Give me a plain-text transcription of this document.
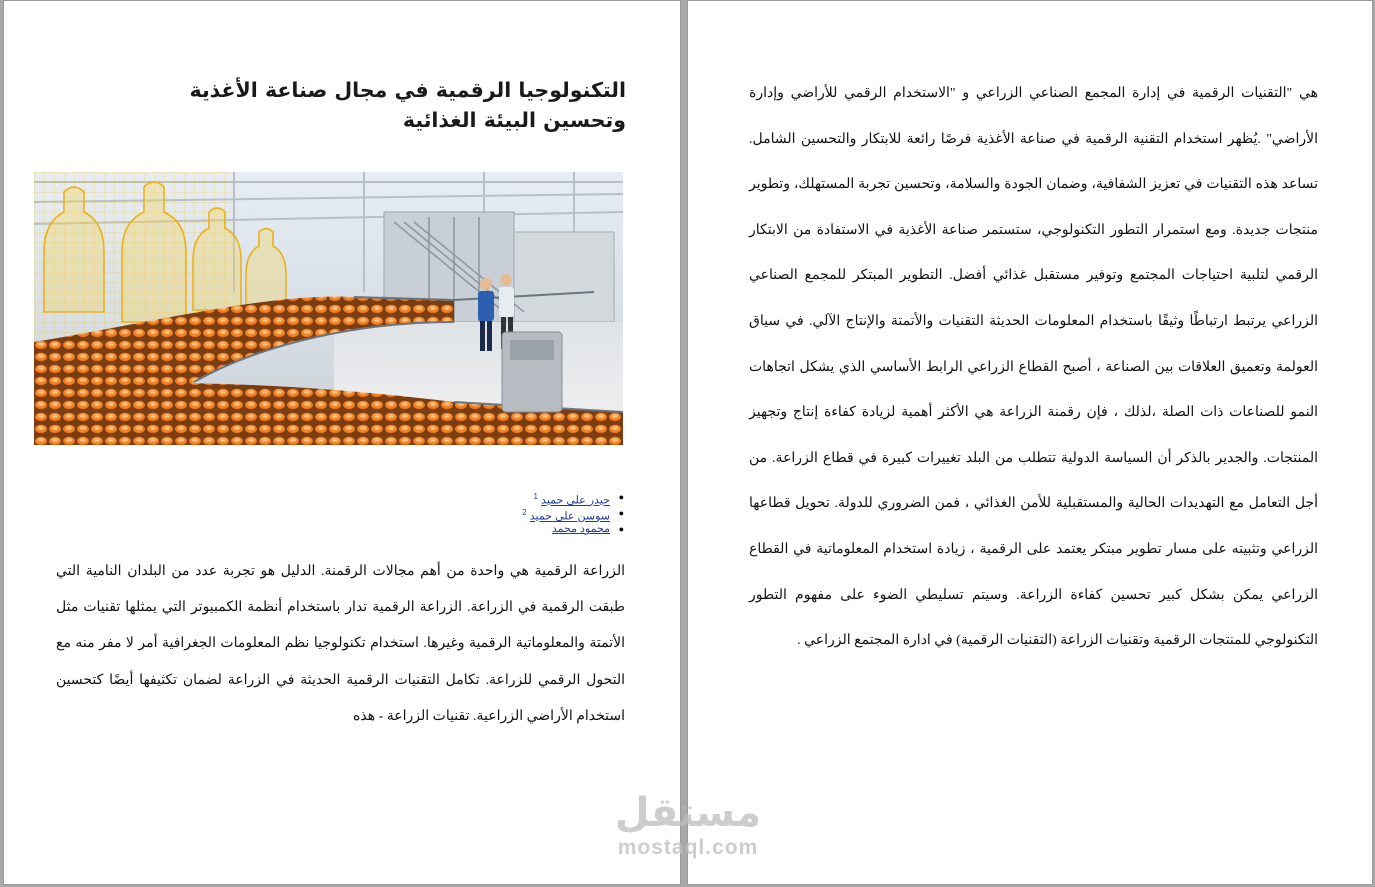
التكنولوجيا الرقمية في مجال صناعة الأغذية وتحسين البيئة الغذائية
●
حيدر علي حميد $^1$
●
سوسن علي حميد $^2$
●
محمود محمد

الزراعة الرقمية هي واحدة من أهم مجالات الرقمنة. الدليل هو تجربة عدد من البلدان النامية التي طبقت الرقمية في الزراعة. الزراعة الرقمية تدار باستخدام أنظمة الكمبيوتر التي يمثلها تقنيات مثل الأتمتة والمعلوماتية الرقمية وغيرها. استخدام تكنولوجيا نظم المعلومات الجغرافية أمر لا مفر منه مع التحول الرقمي للزراعة. تكامل التقنيات الرقمية الحديثة في الزراعة لضمان تكثيفها أيضًا كتحسين استخدام الأراضي الزراعية. تقنيات الزراعة - هذه

هي "التقنيات الرقمية في إدارة المجمع الصناعي الزراعي و "الاستخدام الرقمي للأراضي وإدارة الأراضي" .يُظهر استخدام التقنية الرقمية في صناعة الأغذية فرصًا رائعة للابتكار والتحسين الشامل. تساعد هذه التقنيات في تعزيز الشفافية، وضمان الجودة والسلامة، وتحسين تجربة المستهلك، وتطوير منتجات جديدة. ومع استمرار التطور التكنولوجي، ستستمر صناعة الأغذية في الاستفادة من الابتكار الرقمي لتلبية احتياجات المجتمع وتوفير مستقبل غذائي أفضل. التطوير المبتكر للمجمع الصناعي الزراعي يرتبط ارتباطًا وثيقًا باستخدام المعلومات الحديثة التقنيات والأتمتة والإنتاج الآلي. في سياق العولمة وتعميق العلاقات بين الصناعة ، أصبح القطاع الزراعي الرابط الأساسي الذي يشكل اتجاهات النمو للصناعات ذات الصلة ،لذلك ، فإن رقمنة الزراعة هي الأكثر أهمية لزيادة كفاءة إنتاج وتجهيز المنتجات. والجدير بالذكر أن السياسة الدولية تتطلب من البلد تغييرات كبيرة في قطاع الزراعة. من أجل التعامل مع التهديدات الحالية والمستقبلية للأمن الغذائي ، فمن الضروري للدولة. تحويل قطاعها الزراعي وتثبيته على مسار تطوير مبتكر يعتمد على الرقمية ، زيادة استخدام المعلوماتية في القطاع الزراعي يمكن بشكل كبير تحسين كفاءة الزراعة. وسيتم تسليطي الضوء على مفهوم التطور التكنولوجي للمنتجات الرقمية وتقنيات الزراعة (التقنيات الرقمية) في ادارة المجتمع الزراعي .

مستقل
mostaql.com
